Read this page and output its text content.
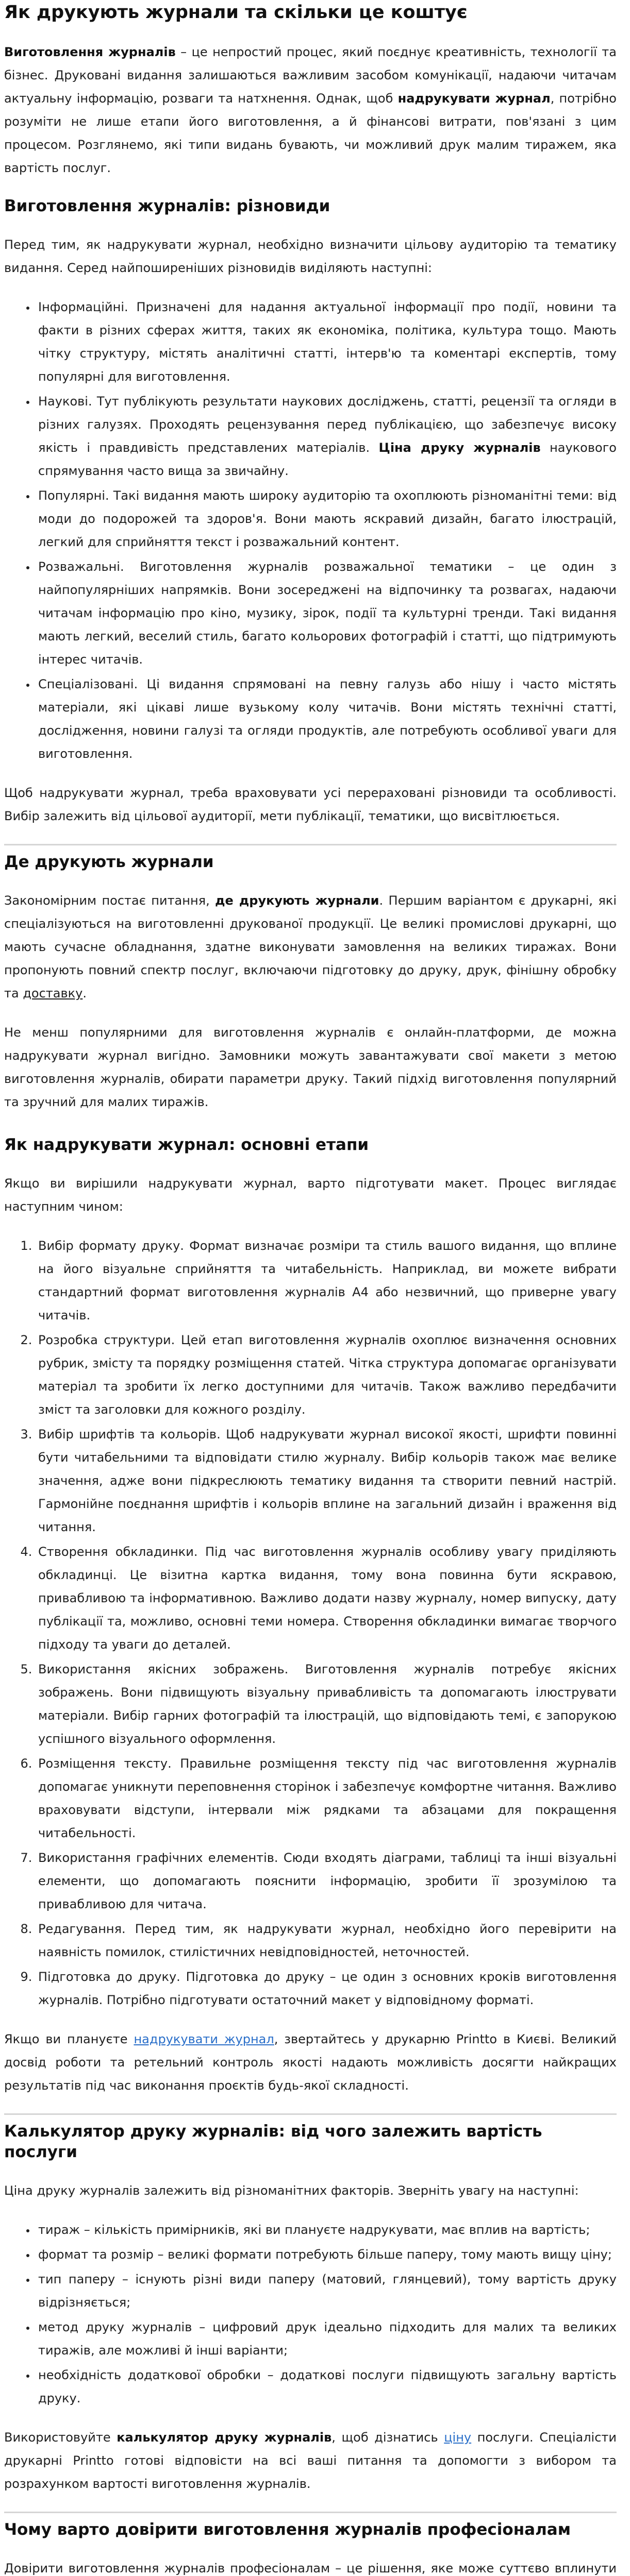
Як друкують журнали та скільки це коштує

Виготовлення журналів – це непростий процес, який поєднує креативність, технології та бізнес. Друковані видання залишаються важливим засобом комунікації, надаючи читачам актуальну інформацію, розваги та натхнення. Однак, щоб надрукувати журнал, потрібно розуміти не лише етапи його виготовлення, а й фінансові витрати, пов'язані з цим процесом. Розглянемо, які типи видань бувають, чи можливий друк малим тиражем, яка вартість послуг.

Виготовлення журналів: різновиди

Перед тим, як надрукувати журнал, необхідно визначити цільову аудиторію та тематику видання. Серед найпоширеніших різновидів виділяють наступні:

• Інформаційні. Призначені для надання актуальної інформації про події, новини та факти в різних сферах життя, таких як економіка, політика, культура тощо. Мають чітку структуру, містять аналітичні статті, інтерв'ю та коментарі експертів, тому популярні для виготовлення.
• Наукові. Тут публікують результати наукових досліджень, статті, рецензії та огляди в різних галузях. Проходять рецензування перед публікацією, що забезпечує високу якість і правдивість представлених матеріалів. Ціна друку журналів наукового спрямування часто вища за звичайну.
• Популярні. Такі видання мають широку аудиторію та охоплюють різноманітні теми: від моди до подорожей та здоров'я. Вони мають яскравий дизайн, багато ілюстрацій, легкий для сприйняття текст і розважальний контент.
• Розважальні. Виготовлення журналів розважальної тематики – це один з найпопулярніших напрямків. Вони зосереджені на відпочинку та розвагах, надаючи читачам інформацію про кіно, музику, зірок, події та культурні тренди. Такі видання мають легкий, веселий стиль, багато кольорових фотографій і статті, що підтримують інтерес читачів.
• Спеціалізовані. Ці видання спрямовані на певну галузь або нішу і часто містять матеріали, які цікаві лише вузькому колу читачів. Вони містять технічні статті, дослідження, новини галузі та огляди продуктів, але потребують особливої уваги для виготовлення.

Щоб надрукувати журнал, треба враховувати усі перераховані різновиди та особливості. Вибір залежить від цільової аудиторії, мети публікації, тематики, що висвітлюється.

Де друкують журнали

Закономірним постає питання, де друкують журнали. Першим варіантом є друкарні, які спеціалізуються на виготовленні друкованої продукції. Це великі промислові друкарні, що мають сучасне обладнання, здатне виконувати замовлення на великих тиражах. Вони пропонують повний спектр послуг, включаючи підготовку до друку, друк, фінішну обробку та доставку.

Не менш популярними для виготовлення журналів є онлайн-платформи, де можна надрукувати журнал вигідно. Замовники можуть завантажувати свої макети з метою виготовлення журналів, обирати параметри друку. Такий підхід виготовлення популярний та зручний для малих тиражів.

Як надрукувати журнал: основні етапи

Якщо ви вирішили надрукувати журнал, варто підготувати макет. Процес виглядає наступним чином:

1. Вибір формату друку. Формат визначає розміри та стиль вашого видання, що вплине на його візуальне сприйняття та читабельність. Наприклад, ви можете вибрати стандартний формат виготовлення журналів А4 або незвичний, що приверне увагу читачів.
2. Розробка структури. Цей етап виготовлення журналів охоплює визначення основних рубрик, змісту та порядку розміщення статей. Чітка структура допомагає організувати матеріал та зробити їх легко доступними для читачів. Також важливо передбачити зміст та заголовки для кожного розділу.
3. Вибір шрифтів та кольорів. Щоб надрукувати журнал високої якості, шрифти повинні бути читабельними та відповідати стилю журналу. Вибір кольорів також має велике значення, адже вони підкреслюють тематику видання та створити певний настрій. Гармонійне поєднання шрифтів і кольорів вплине на загальний дизайн і враження від читання.
4. Створення обкладинки. Під час виготовлення журналів особливу увагу приділяють обкладинці. Це візитна картка видання, тому вона повинна бути яскравою, привабливою та інформативною. Важливо додати назву журналу, номер випуску, дату публікації та, можливо, основні теми номера. Створення обкладинки вимагає творчого підходу та уваги до деталей.
5. Використання якісних зображень. Виготовлення журналів потребує якісних зображень. Вони підвищують візуальну привабливість та допомагають ілюструвати матеріали. Вибір гарних фотографій та ілюстрацій, що відповідають темі, є запорукою успішного візуального оформлення.
6. Розміщення тексту. Правильне розміщення тексту під час виготовлення журналів допомагає уникнути переповнення сторінок і забезпечує комфортне читання. Важливо враховувати відступи, інтервали між рядками та абзацами для покращення читабельності.
7. Використання графічних елементів. Сюди входять діаграми, таблиці та інші візуальні елементи, що допомагають пояснити інформацію, зробити її зрозумілою та привабливою для читача.
8. Редагування. Перед тим, як надрукувати журнал, необхідно його перевірити на наявність помилок, стилістичних невідповідностей, неточностей.
9. Підготовка до друку. Підготовка до друку – це один з основних кроків виготовлення журналів. Потрібно підготувати остаточний макет у відповідному форматі.

Якщо ви плануєте надрукувати журнал, звертайтесь у друкарню Printto в Києві. Великий досвід роботи та ретельний контроль якості надають можливість досягти найкращих результатів під час виконання проєктів будь-якої складності.

Калькулятор друку журналів: від чого залежить вартість послуги

Ціна друку журналів залежить від різноманітних факторів. Зверніть увагу на наступні:

• тираж – кількість примірників, які ви плануєте надрукувати, має вплив на вартість;
• формат та розмір – великі формати потребують більше паперу, тому мають вищу ціну;
• тип паперу – існують різні види паперу (матовий, глянцевий), тому вартість друку відрізняється;
• метод друку журналів – цифровий друк ідеально підходить для малих та великих тиражів, але можливі й інші варіанти;
• необхідність додаткової обробки – додаткові послуги підвищують загальну вартість друку.

Використовуйте калькулятор друку журналів, щоб дізнатись ціну послуги. Спеціалісти друкарні Printto готові відповісти на всі ваші питання та допомогти з вибором та розрахунком вартості виготовлення журналів.

Чому варто довірити виготовлення журналів професіоналам

Довірити виготовлення журналів професіоналам – це рішення, яке може суттєво вплинути
